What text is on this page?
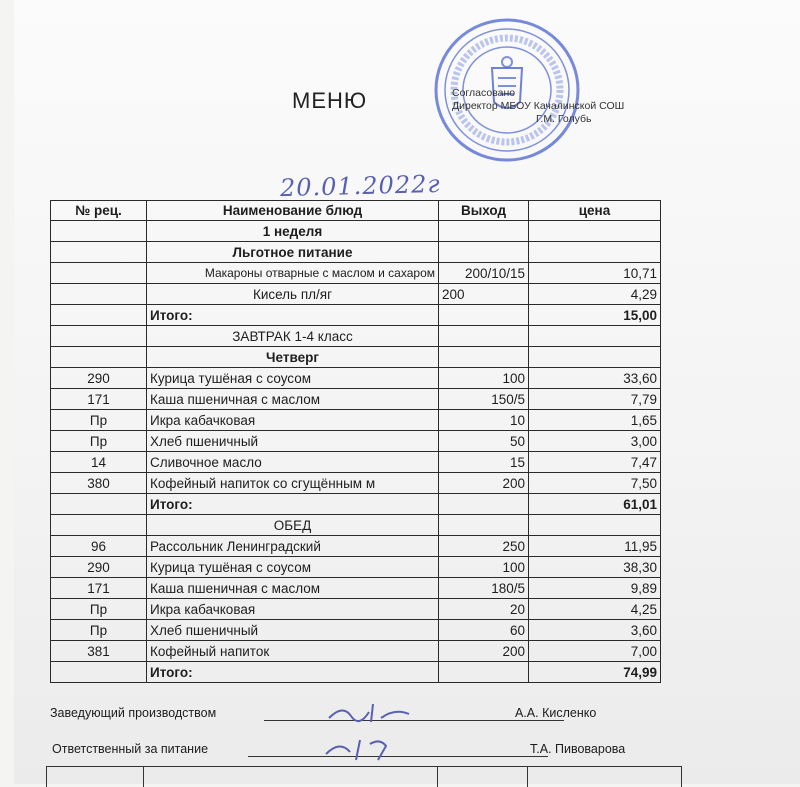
МЕНЮ	Согласовано
Директор МБОУ Качалинской СОШ
Г.М. Голубь
20.01.2022г
№ рец.	Наименование блюд	Выход	цена
	1 неделя		
	Льготное питание		
	Макароны отварные с маслом и сахаром	200/10/15	10,71
	Кисель пл/яг	200	4,29
	Итого:		15,00
	ЗАВТРАК 1-4 класс		
	Четверг		
290	Курица тушёная с соусом	100	33,60
171	Каша пшеничная с маслом	150/5	7,79
Пр	Икра кабачковая	10	1,65
Пр	Хлеб пшеничный	50	3,00
14	Сливочное масло	15	7,47
380	Кофейный напиток со сгущённым м	200	7,50
	Итого:		61,01
	ОБЕД		
96	Рассольник Ленинградский	250	11,95
290	Курица тушёная с соусом	100	38,30
171	Каша пшеничная с маслом	180/5	9,89
Пр	Икра кабачковая	20	4,25
Пр	Хлеб пшеничный	60	3,60
381	Кофейный напиток	200	7,00
	Итого:		74,99
Заведующий производством	А.А. Кисленко
Ответственный за питание	Т.А. Пивоварова
